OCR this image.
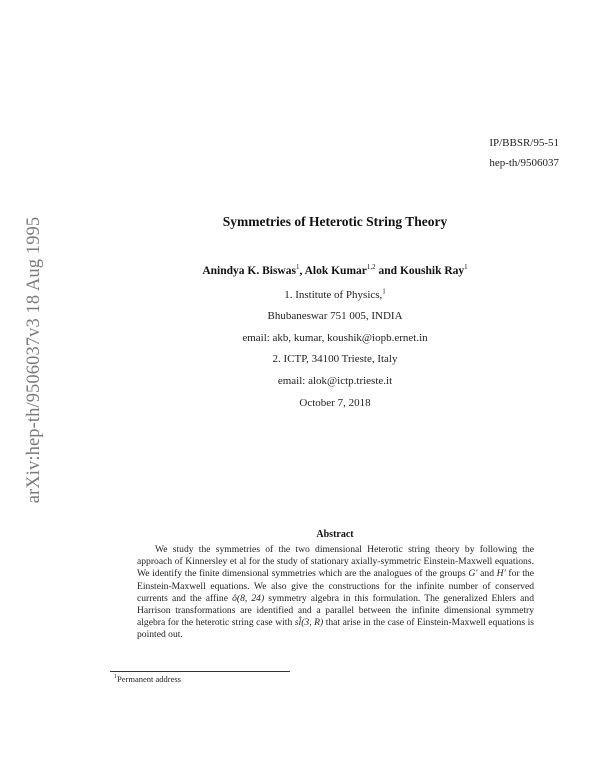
arXiv:hep-th/9506037v3 18 Aug 1995
IP/BBSR/95-51
hep-th/9506037
Symmetries of Heterotic String Theory
Anindya K. Biswas$^1$, Alok Kumar$^{1,2}$ and Koushik Ray$^1$
1. Institute of Physics,$^1$
Bhubaneswar 751 005, INDIA
email: akb, kumar, koushik@iopb.ernet.in
2. ICTP, 34100 Trieste, Italy
email: alok@ictp.trieste.it
October 7, 2018
Abstract
We study the symmetries of the two dimensional Heterotic string theory by following the approach of Kinnersley et al for the study of stationary axially-symmetric Einstein-Maxwell equations. We identify the finite dimensional symmetries which are the analogues of the groups G′ and H′ for the Einstein-Maxwell equations. We also give the constructions for the infinite number of conserved currents and the affine ô(8, 24) symmetry algebra in this formulation. The generalized Ehlers and Harrison transformations are identified and a parallel between the infinite dimensional symmetry algebra for the heterotic string case with sl̂(3, R) that arise in the case of Einstein-Maxwell equations is pointed out.
$^1$Permanent address
